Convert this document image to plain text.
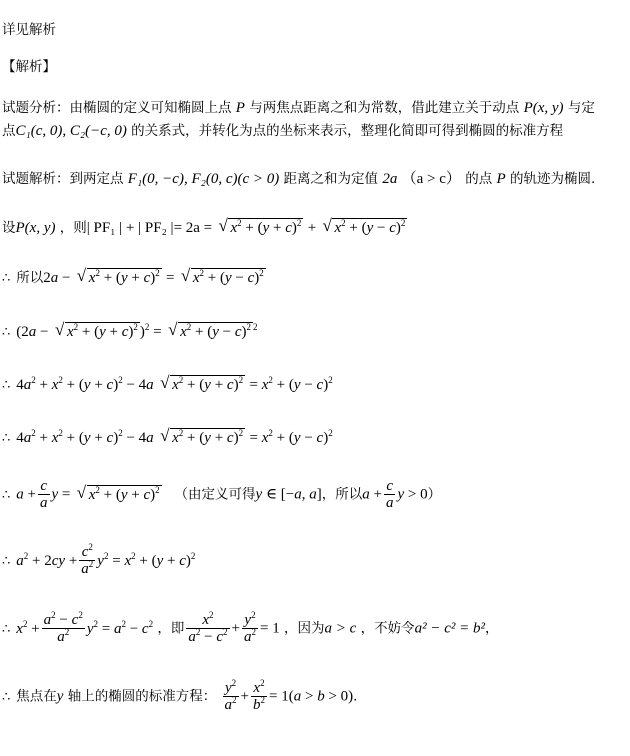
详见解析
【解析】
试题分析：由椭圆的定义可知椭圆上点 P 与两焦点距离之和为常数，借此建立关于动点 P(x, y) 与定
点C₁(c, 0), C₂(−c, 0) 的关系式，并转化为点的坐标来表示，整理化简即可得到椭圆的标准方程
试题解析：到两定点 F₁(0, −c), F₂(0, c)(c > 0) 距离之和为定值 2a （a > c） 的点 P 的轨迹为椭圆.
设P(x, y) ，则| PF₁ | + | PF₂ |= 2a = √ $x^2 + (y + c)^2$ + √ $x^2 + (y - c)^2$
∴ 所以2a − √ $x^2 + (y + c)^2$ = √ $x^2 + (y - c)^2$
∴ (2a − √ $x^2 + (y + c)^2$ )$^2$ = √ $x^2 + (y - c)^2$ $^2$
∴ $4a^2 + x^2 + (y + c)^2 - 4a$ √ $x^2 + (y + c)^2 = x^2 + (y - c)^2$
∴ $4a^2 + x^2 + (y + c)^2 - 4a$ √ $x^2 + (y + c)^2 = x^2 + (y - c)^2$
∴ $a + \frac{c}{a}$ y = √ $x^2 + (y + c)^2$ （由定义可得y ∈ [−a, a]，所以$a + \frac{c}{a}$ y > 0）
∴ $a^2 + 2cy + \frac{c^2}{a^2} y^2 = x^2 + (y + c)^2$
∴ $x^2 + \frac{a^2 - c^2}{a^2} y^2 = a^2 - c^2$ ，即 $\frac{x^2}{a^2 - c^2} + \frac{y^2}{a^2} = 1$ ，因为a > c ，不妨令a² − c² = b²，
∴ 焦点在y 轴上的椭圆的标准方程： $\frac{y^2}{a^2} + \frac{x^2}{b^2} = 1(a > b > 0)$.
